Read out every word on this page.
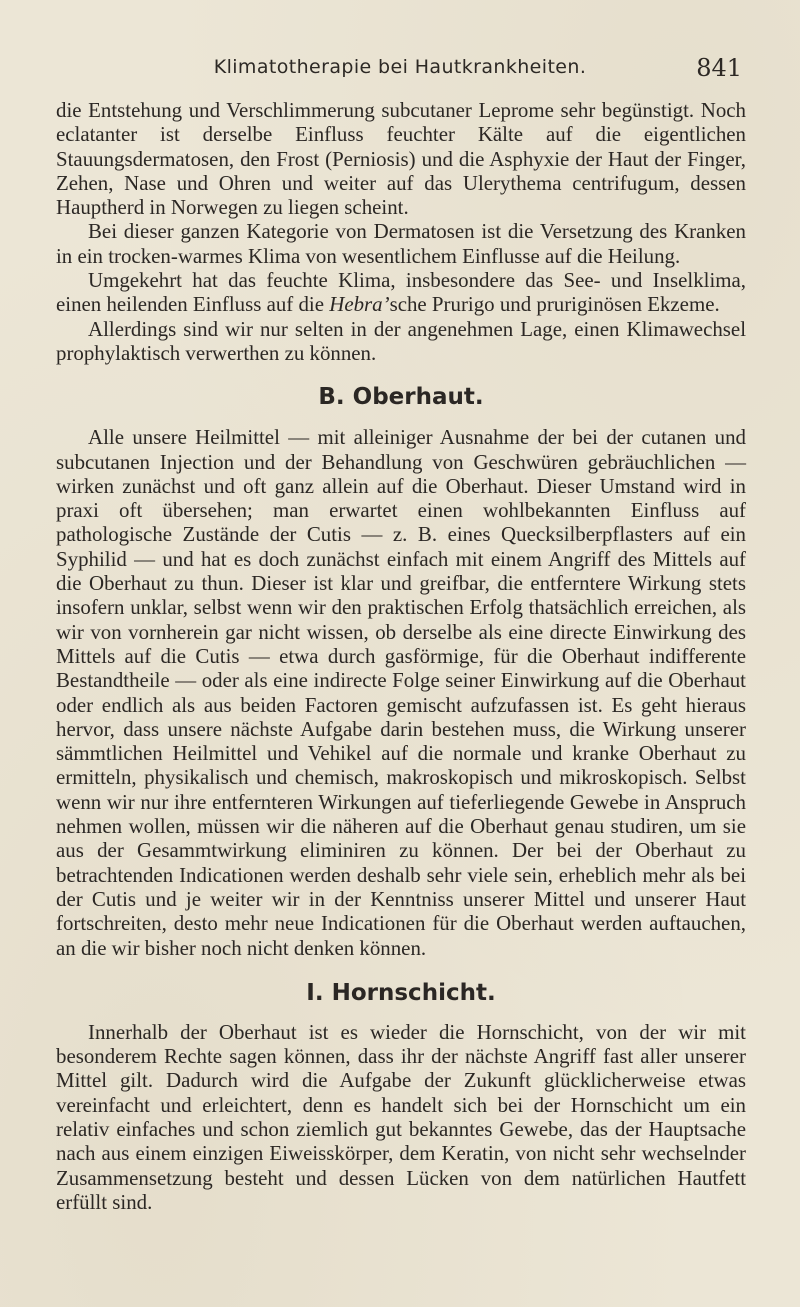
Klimatotherapie bei Hautkrankheiten.	841

die Entstehung und Verschlimmerung subcutaner Leprome sehr begünstigt. Noch eclatanter ist derselbe Einfluss feuchter Kälte auf die eigentlichen Stauungsdermatosen, den Frost (Perniosis) und die Asphyxie der Haut der Finger, Zehen, Nase und Ohren und weiter auf das Ulerythema centrifugum, dessen Hauptherd in Norwegen zu liegen scheint.

Bei dieser ganzen Kategorie von Dermatosen ist die Versetzung des Kranken in ein trocken-warmes Klima von wesentlichem Einflusse auf die Heilung.

Umgekehrt hat das feuchte Klima, insbesondere das See- und Inselklima, einen heilenden Einfluss auf die Hebra’sche Prurigo und pruriginösen Ekzeme.

Allerdings sind wir nur selten in der angenehmen Lage, einen Klimawechsel prophylaktisch verwerthen zu können.

B. Oberhaut.

Alle unsere Heilmittel — mit alleiniger Ausnahme der bei der cutanen und subcutanen Injection und der Behandlung von Geschwüren gebräuchlichen — wirken zunächst und oft ganz allein auf die Oberhaut. Dieser Umstand wird in praxi oft übersehen; man erwartet einen wohlbekannten Einfluss auf pathologische Zustände der Cutis — z. B. eines Quecksilberpflasters auf ein Syphilid — und hat es doch zunächst einfach mit einem Angriff des Mittels auf die Oberhaut zu thun. Dieser ist klar und greifbar, die entferntere Wirkung stets insofern unklar, selbst wenn wir den praktischen Erfolg thatsächlich erreichen, als wir von vornherein gar nicht wissen, ob derselbe als eine directe Einwirkung des Mittels auf die Cutis — etwa durch gasförmige, für die Oberhaut indifferente Bestandtheile — oder als eine indirecte Folge seiner Einwirkung auf die Oberhaut oder endlich als aus beiden Factoren gemischt aufzufassen ist. Es geht hieraus hervor, dass unsere nächste Aufgabe darin bestehen muss, die Wirkung unserer sämmtlichen Heilmittel und Vehikel auf die normale und kranke Oberhaut zu ermitteln, physikalisch und chemisch, makroskopisch und mikroskopisch. Selbst wenn wir nur ihre entfernteren Wirkungen auf tieferliegende Gewebe in Anspruch nehmen wollen, müssen wir die näheren auf die Oberhaut genau studiren, um sie aus der Gesammtwirkung eliminiren zu können. Der bei der Oberhaut zu betrachtenden Indicationen werden deshalb sehr viele sein, erheblich mehr als bei der Cutis und je weiter wir in der Kenntniss unserer Mittel und unserer Haut fortschreiten, desto mehr neue Indicationen für die Oberhaut werden auftauchen, an die wir bisher noch nicht denken können.

I. Hornschicht.

Innerhalb der Oberhaut ist es wieder die Hornschicht, von der wir mit besonderem Rechte sagen können, dass ihr der nächste Angriff fast aller unserer Mittel gilt. Dadurch wird die Aufgabe der Zukunft glücklicherweise etwas vereinfacht und erleichtert, denn es handelt sich bei der Hornschicht um ein relativ einfaches und schon ziemlich gut bekanntes Gewebe, das der Hauptsache nach aus einem einzigen Eiweisskörper, dem Keratin, von nicht sehr wechselnder Zusammensetzung besteht und dessen Lücken von dem natürlichen Hautfett erfüllt sind.
